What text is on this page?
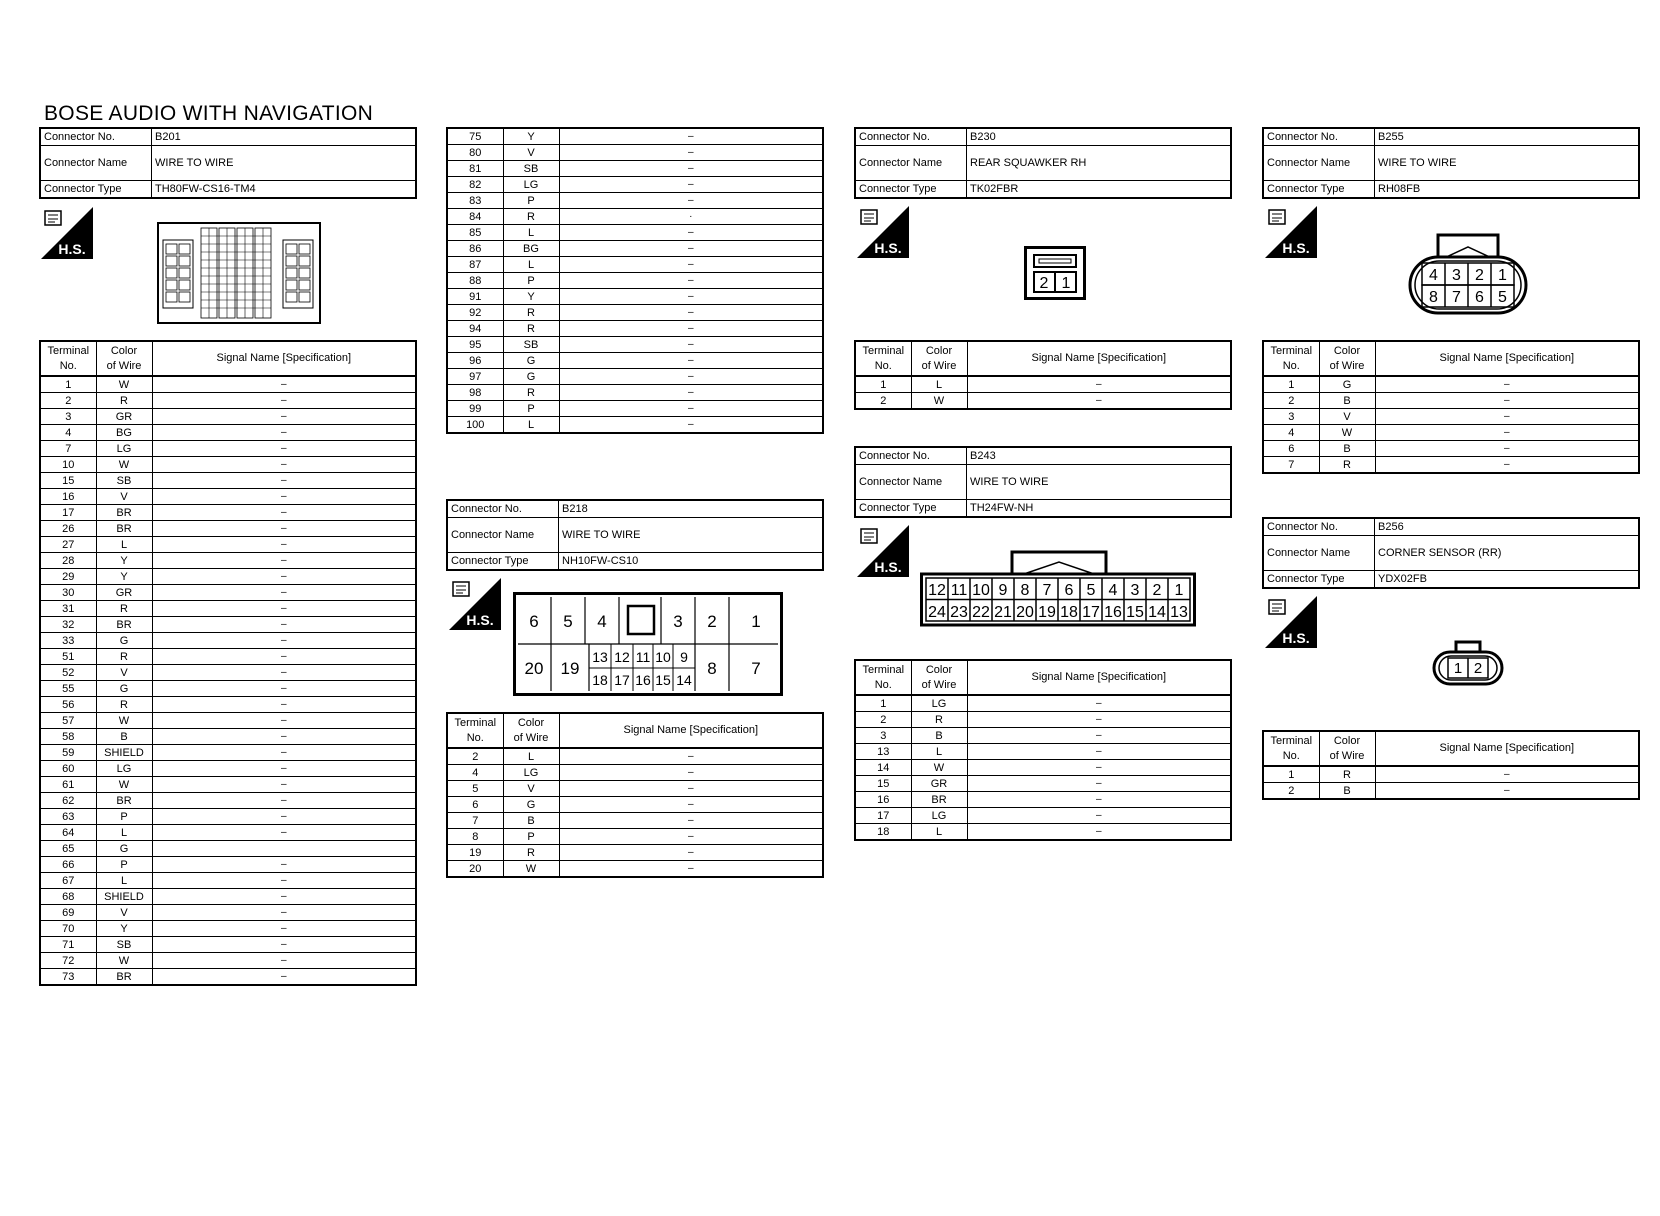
BOSE AUDIO WITH NAVIGATION
Connector No.	B201
Connector Name	WIRE TO WIRE
Connector Type	TH80FW-CS16-TM4
H.S.
Terminal
No.	Color
of Wire	Signal Name [Specification]
1	W	–
2	R	–
3	GR	–
4	BG	–
7	LG	–
10	W	–
15	SB	–
16	V	–
17	BR	–
26	BR	–
27	L	–
28	Y	–
29	Y	–
30	GR	–
31	R	–
32	BR	–
33	G	–
51	R	–
52	V	–
55	G	–
56	R	–
57	W	–
58	B	–
59	SHIELD	–
60	LG	–
61	W	–
62	BR	–
63	P	–
64	L	–
65	G	
66	P	–
67	L	–
68	SHIELD	–
69	V	–
70	Y	–
71	SB	–
72	W	–
73	BR	–
75	Y	–
80	V	–
81	SB	–
82	LG	–
83	P	–
84	R	·
85	L	–
86	BG	–
87	L	–
88	P	–
91	Y	–
92	R	–
94	R	–
95	SB	–
96	G	–
97	G	–
98	R	–
99	P	–
100	L	–
Connector No.	B218
Connector Name	WIRE TO WIRE
Connector Type	NH10FW-CS10
H.S. 6 5 4	3 2 1
20 19	8 7
13 12 11 10 9
18 17 16 15 14
Terminal
No.	Color
of Wire	Signal Name [Specification]
2	L	–
4	LG	–
5	V	–
6	G	–
7	B	–
8	P	–
19	R	–
20	W	–
Connector No.	B230
Connector Name	REAR SQUAWKER RH
Connector Type	TK02FBR
H.S.
2 1
Terminal
No.	Color
of Wire	Signal Name [Specification]
1	L	–
2	W	–
Connector No.	B243
Connector Name	WIRE TO WIRE
Connector Type	TH24FW-NH
H.S.
12 11 10 9 8 7 6 5 4 3 2 1
24 23 22 21 20 19 18 17 16 15 14 13
Terminal
No.	Color
of Wire	Signal Name [Specification]
1	LG	–
2	R	–
3	B	–
13	L	–
14	W	–
15	GR	–
16	BR	–
17	LG	–
18	L	–
Connector No.	B255
Connector Name	WIRE TO WIRE
Connector Type	RH08FB
H.S.
4 3 2 1
8 7 6 5
Terminal
No.	Color
of Wire	Signal Name [Specification]
1	G	–
2	B	–
3	V	–
4	W	–
6	B	–
7	R	–
Connector No.	B256
Connector Name	CORNER SENSOR (RR)
Connector Type	YDX02FB
H.S.
1 2
Terminal
No.	Color
of Wire	Signal Name [Specification]
1	R	–
2	B	–
